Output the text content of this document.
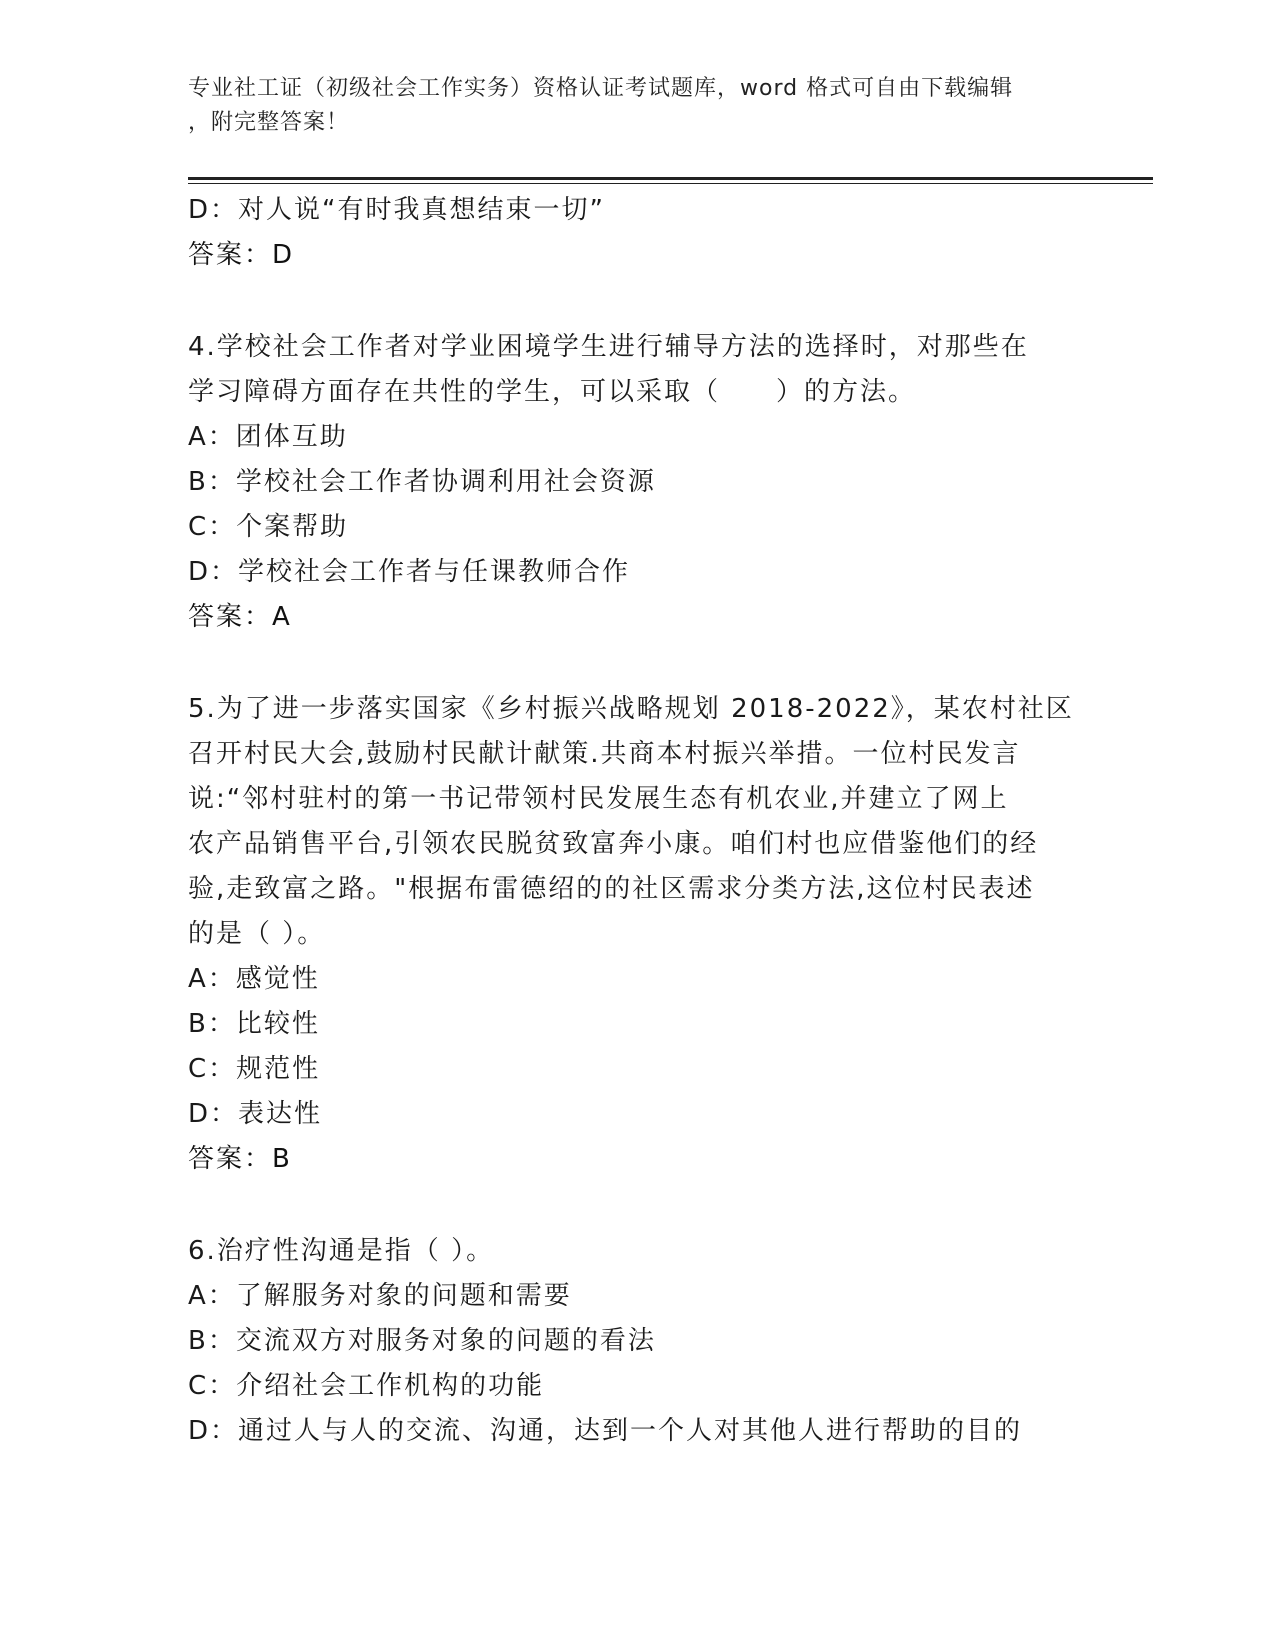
专业社工证（初级社会工作实务）资格认证考试题库，word 格式可自由下载编辑
，附完整答案！
D：对人说“有时我真想结束一切”
答案：D
4.学校社会工作者对学业困境学生进行辅导方法的选择时，对那些在
学习障碍方面存在共性的学生，可以采取（　　）的方法。
A：团体互助
B：学校社会工作者协调利用社会资源
C：个案帮助
D：学校社会工作者与任课教师合作
答案：A
5.为了进一步落实国家《乡村振兴战略规划 2018-2022》，某农村社区
召开村民大会,鼓励村民献计献策.共商本村振兴举措。一位村民发言
说:“邻村驻村的第一书记带领村民发展生态有机农业,并建立了网上
农产品销售平台,引领农民脱贫致富奔小康。咱们村也应借鉴他们的经
验,走致富之路。"根据布雷德绍的的社区需求分类方法,这位村民表述
的是（ ）。
A：感觉性
B：比较性
C：规范性
D：表达性
答案：B
6.治疗性沟通是指（ ）。
A：了解服务对象的问题和需要
B：交流双方对服务对象的问题的看法
C：介绍社会工作机构的功能
D：通过人与人的交流、沟通，达到一个人对其他人进行帮助的目的
